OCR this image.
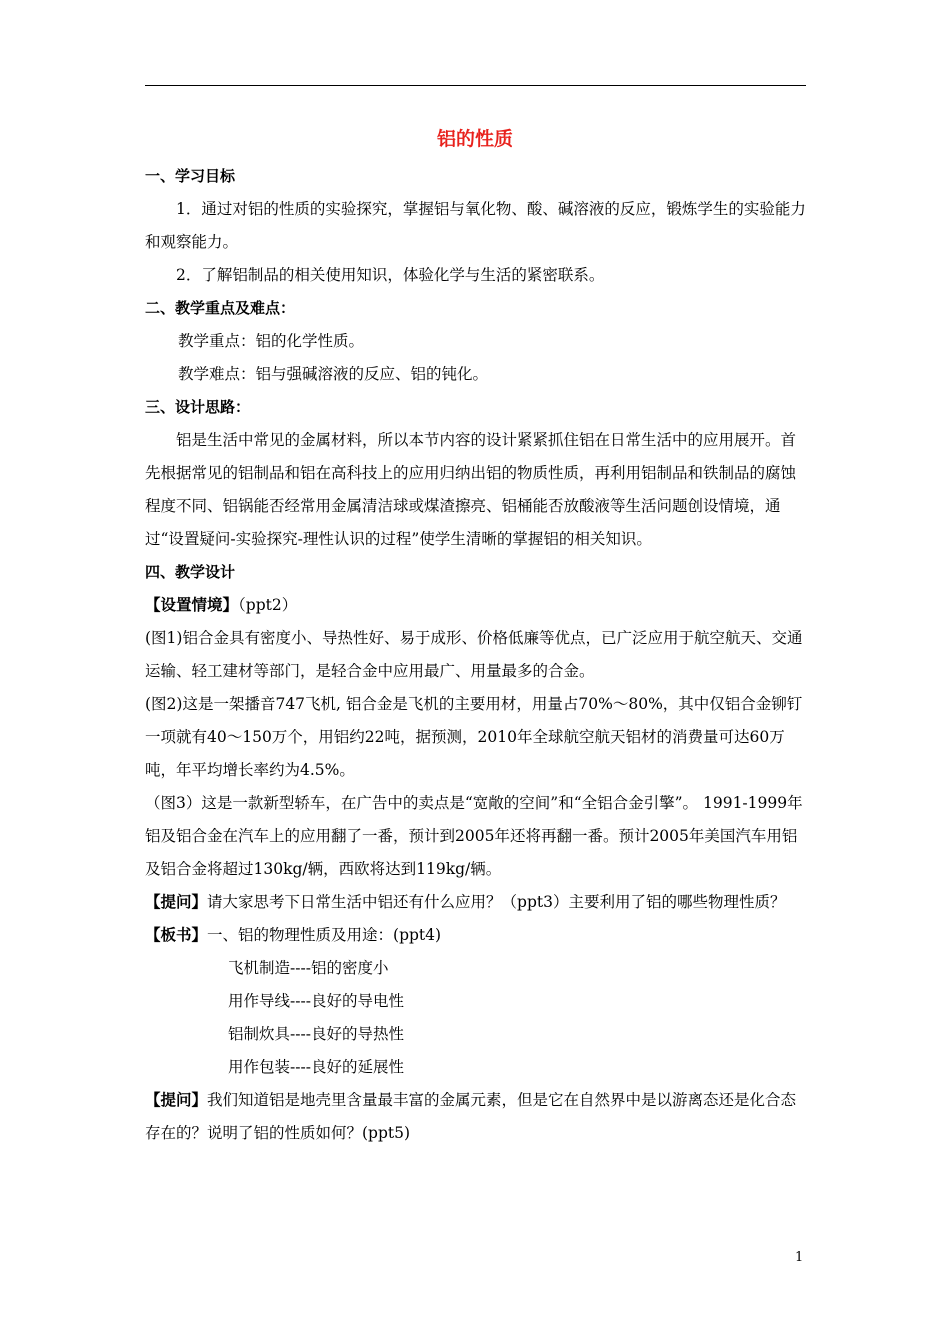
铝的性质

一、学习目标

1．通过对铝的性质的实验探究，掌握铝与氧化物、酸、碱溶液的反应，锻炼学生的实验能力和观察能力。

2．了解铝制品的相关使用知识，体验化学与生活的紧密联系。

二、教学重点及难点：

教学重点：铝的化学性质。

教学难点：铝与强碱溶液的反应、铝的钝化。

三、设计思路：

铝是生活中常见的金属材料，所以本节内容的设计紧紧抓住铝在日常生活中的应用展开。首先根据常见的铝制品和铝在高科技上的应用归纳出铝的物质性质，再利用铝制品和铁制品的腐蚀程度不同、铝锅能否经常用金属清洁球或煤渣擦亮、铝桶能否放酸液等生活问题创设情境，通过“设置疑问-实验探究-理性认识的过程”使学生清晰的掌握铝的相关知识。

四、教学设计

【设置情境】（ppt2）

(图1)铝合金具有密度小、导热性好、易于成形、价格低廉等优点，已广泛应用于航空航天、交通运输、轻工建材等部门，是轻合金中应用最广、用量最多的合金。

(图2)这是一架播音747飞机, 铝合金是飞机的主要用材，用量占70%～80%，其中仅铝合金铆钉一项就有40～150万个，用铝约22吨，据预测，2010年全球航空航天铝材的消费量可达60万吨，年平均增长率约为4.5%。

（图3）这是一款新型轿车，在广告中的卖点是“宽敞的空间”和“全铝合金引擎”。 1991-1999年铝及铝合金在汽车上的应用翻了一番，预计到2005年还将再翻一番。预计2005年美国汽车用铝及铝合金将超过130kg/辆，西欧将达到119kg/辆。

【提问】请大家思考下日常生活中铝还有什么应用？（ppt3）主要利用了铝的哪些物理性质？

【板书】一、铝的物理性质及用途：(ppt4)

飞机制造----铝的密度小

用作导线----良好的导电性

铝制炊具----良好的导热性

用作包装----良好的延展性

【提问】我们知道铝是地壳里含量最丰富的金属元素，但是它在自然界中是以游离态还是化合态存在的？说明了铝的性质如何？(ppt5)

1
